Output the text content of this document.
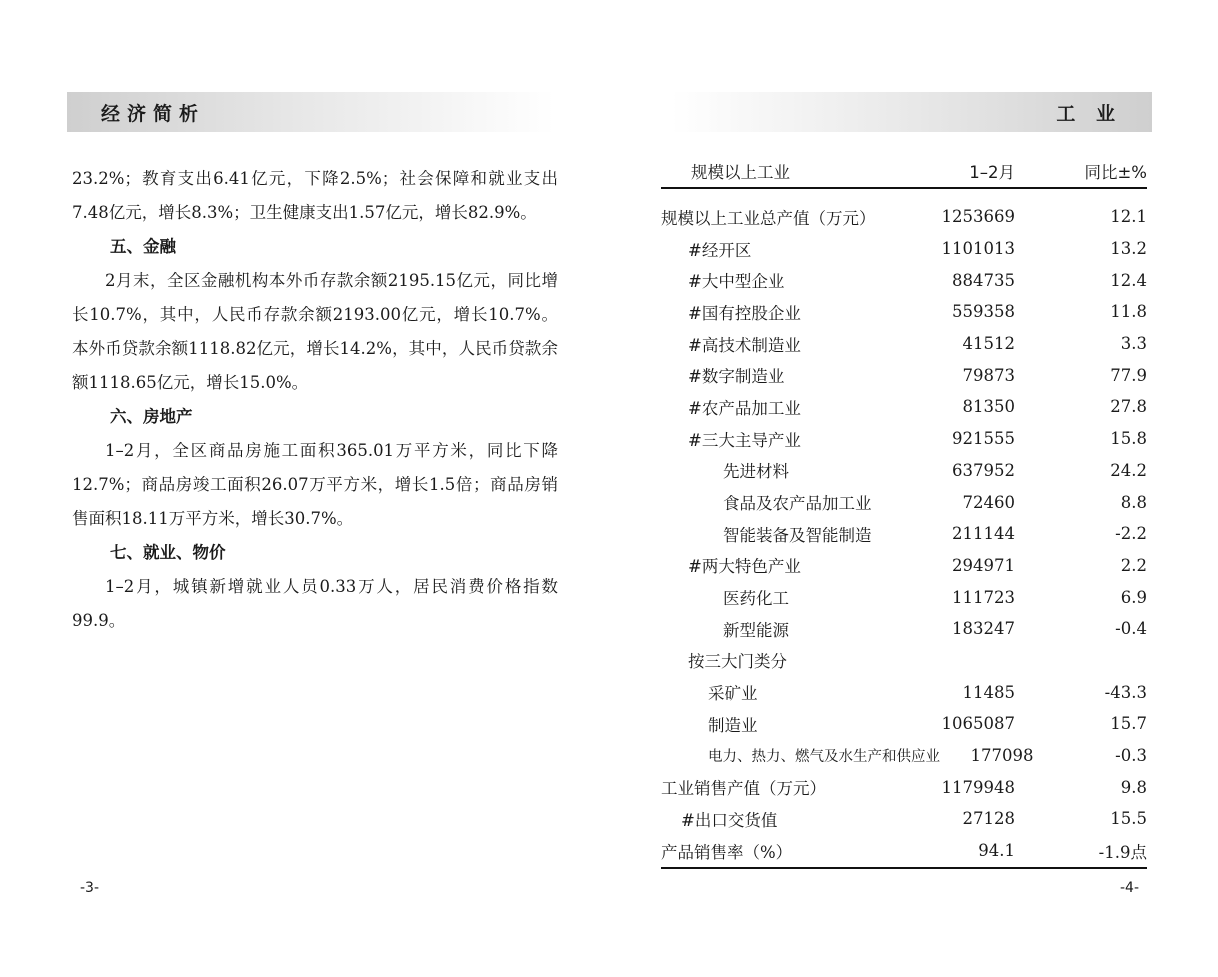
经济简析	工 业

23.2%；教育支出6.41亿元，下降2.5%；社会保障和就业支出7.48亿元，增长8.3%；卫生健康支出1.57亿元，增长82.9%。

五、金融

2月末，全区金融机构本外币存款余额2195.15亿元，同比增长10.7%，其中，人民币存款余额2193.00亿元，增长10.7%。本外币贷款余额1118.82亿元，增长14.2%，其中，人民币贷款余额1118.65亿元，增长15.0%。

六、房地产

1–2月，全区商品房施工面积365.01万平方米，同比下降12.7%；商品房竣工面积26.07万平方米，增长1.5倍；商品房销售面积18.11万平方米，增长30.7%。

七、就业、物价

1–2月，城镇新增就业人员0.33万人，居民消费价格指数99.9。

规模以上工业	1–2月	同比±%
规模以上工业总产值（万元）	1253669	12.1
#经开区	1101013	13.2
#大中型企业	884735	12.4
#国有控股企业	559358	11.8
#高技术制造业	41512	3.3
#数字制造业	79873	77.9
#农产品加工业	81350	27.8
#三大主导产业	921555	15.8
先进材料	637952	24.2
食品及农产品加工业	72460	8.8
智能装备及智能制造	211144	-2.2
#两大特色产业	294971	2.2
医药化工	111723	6.9
新型能源	183247	-0.4
按三大门类分
采矿业	11485	-43.3
制造业	1065087	15.7
电力、热力、燃气及水生产和供应业	177098	-0.3
工业销售产值（万元）	1179948	9.8
#出口交货值	27128	15.5
产品销售率（%）	94.1	-1.9点
-3-	-4-
